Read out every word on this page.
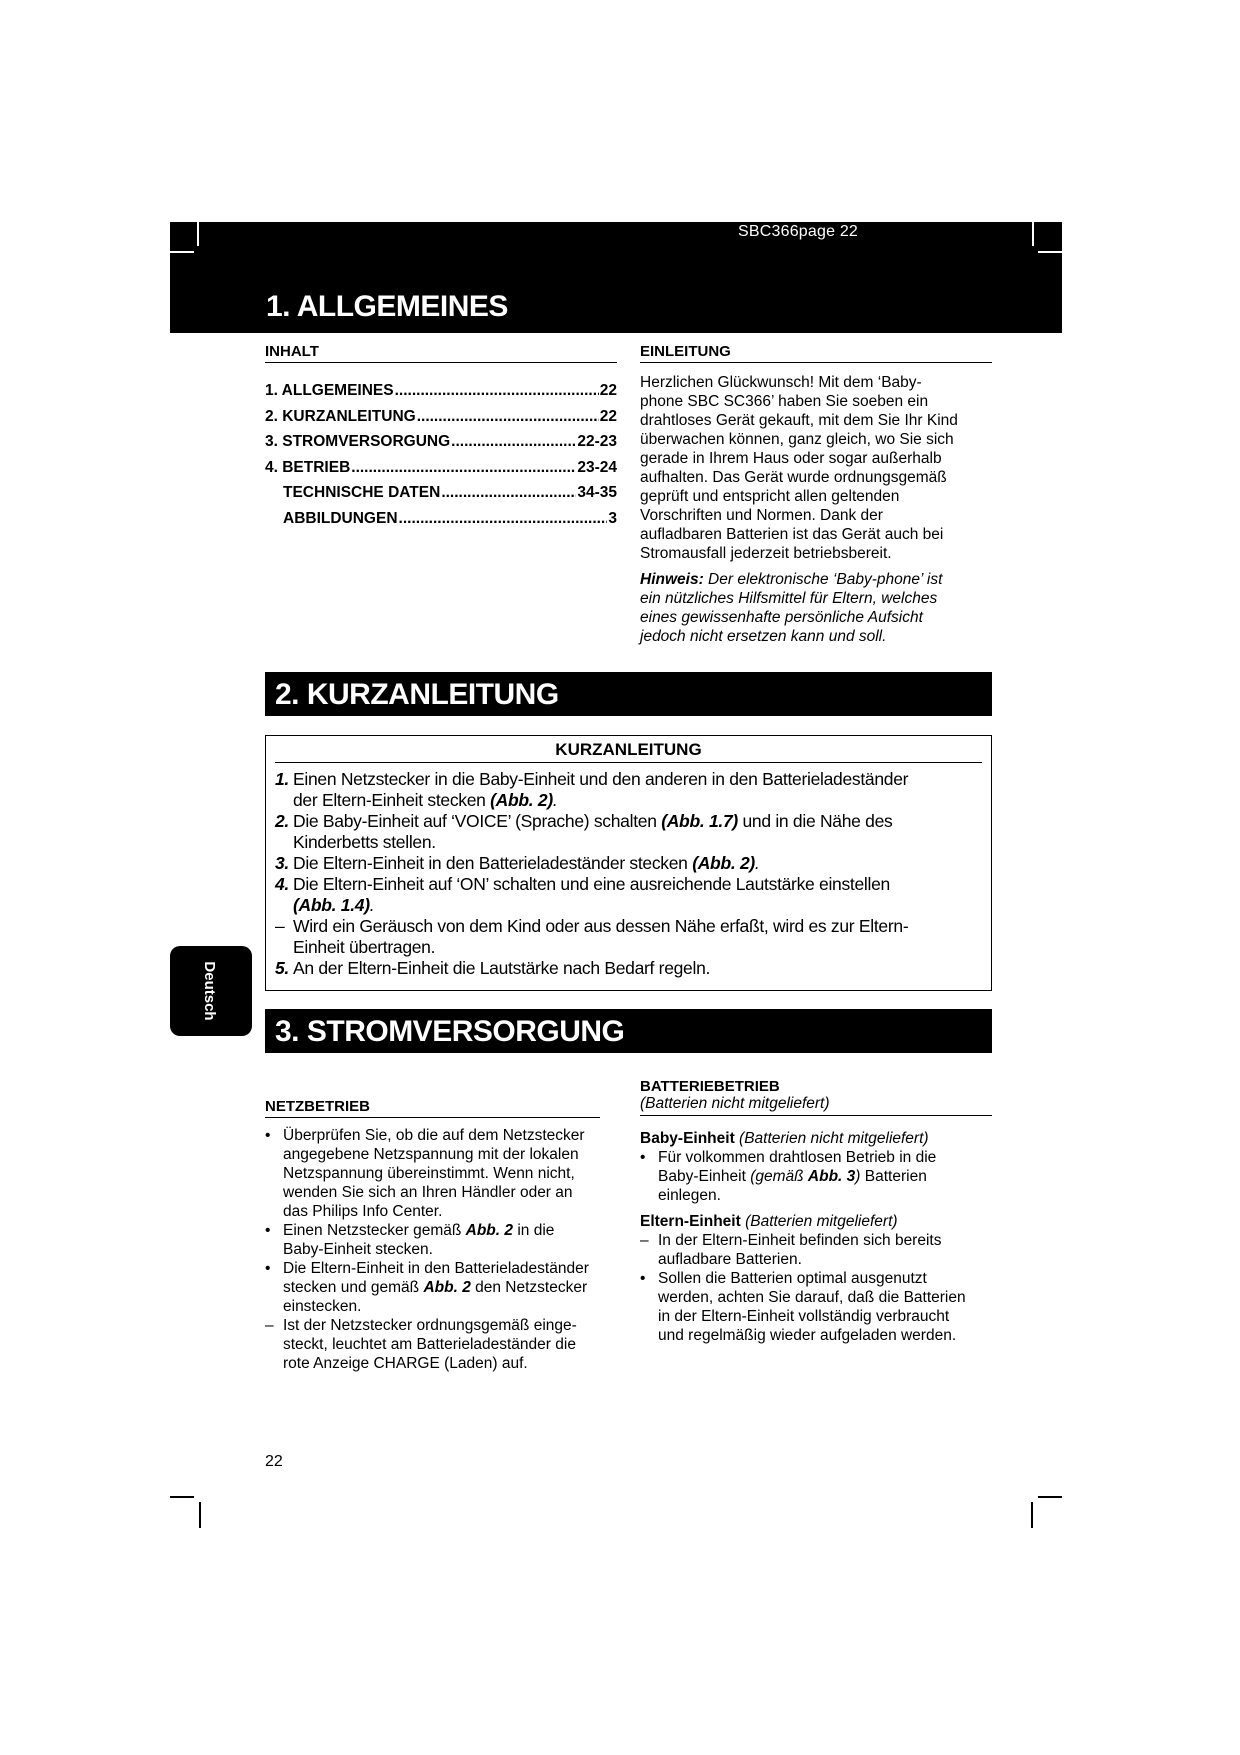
SBC366page 22
1. ALLGEMEINES
INHALT
1. ALLGEMEINES .....	22
2. KURZANLEITUNG .....	22
3. STROMVERSORGUNG .....	22-23
4. BETRIEB .....	23-24
TECHNISCHE DATEN .....	34-35
ABBILDUNGEN .....	3
EINLEITUNG
Herzlichen Glückwunsch! Mit dem ‘Baby-
phone SBC SC366’ haben Sie soeben ein
drahtloses Gerät gekauft, mit dem Sie Ihr Kind
überwachen können, ganz gleich, wo Sie sich
gerade in Ihrem Haus oder sogar außerhalb
aufhalten. Das Gerät wurde ordnungsgemäß
geprüft und entspricht allen geltenden
Vorschriften und Normen. Dank der
aufladbaren Batterien ist das Gerät auch bei
Stromausfall jederzeit betriebsbereit.
Hinweis: Der elektronische ‘Baby-phone’ ist
ein nützliches Hilfsmittel für Eltern, welches
eines gewissenhafte persönliche Aufsicht
jedoch nicht ersetzen kann und soll.
2. KURZANLEITUNG
KURZANLEITUNG
1. Einen Netzstecker in die Baby-Einheit und den anderen in den Batterieladeständer
der Eltern-Einheit stecken (Abb. 2).
2. Die Baby-Einheit auf ‘VOICE’ (Sprache) schalten (Abb. 1.7) und in die Nähe des
Kinderbetts stellen.
3. Die Eltern-Einheit in den Batterieladeständer stecken (Abb. 2).
4. Die Eltern-Einheit auf ‘ON’ schalten und eine ausreichende Lautstärke einstellen
(Abb. 1.4).
– Wird ein Geräusch von dem Kind oder aus dessen Nähe erfaßt, wird es zur Eltern-
Einheit übertragen.
5. An der Eltern-Einheit die Lautstärke nach Bedarf regeln.
Deutsch
3. STROMVERSORGUNG
NETZBETRIEB
• Überprüfen Sie, ob die auf dem Netzstecker
angegebene Netzspannung mit der lokalen
Netzspannung übereinstimmt. Wenn nicht,
wenden Sie sich an Ihren Händler oder an
das Philips Info Center.
• Einen Netzstecker gemäß Abb. 2 in die
Baby-Einheit stecken.
• Die Eltern-Einheit in den Batterieladeständer
stecken und gemäß Abb. 2 den Netzstecker
einstecken.
– Ist der Netzstecker ordnungsgemäß einge-
steckt, leuchtet am Batterieladeständer die
rote Anzeige CHARGE (Laden) auf.
BATTERIEBETRIEB
(Batterien nicht mitgeliefert)
Baby-Einheit (Batterien nicht mitgeliefert)
• Für volkommen drahtlosen Betrieb in die
Baby-Einheit (gemäß Abb. 3) Batterien
einlegen.
Eltern-Einheit (Batterien mitgeliefert)
– In der Eltern-Einheit befinden sich bereits
aufladbare Batterien.
• Sollen die Batterien optimal ausgenutzt
werden, achten Sie darauf, daß die Batterien
in der Eltern-Einheit vollständig verbraucht
und regelmäßig wieder aufgeladen werden.
22
